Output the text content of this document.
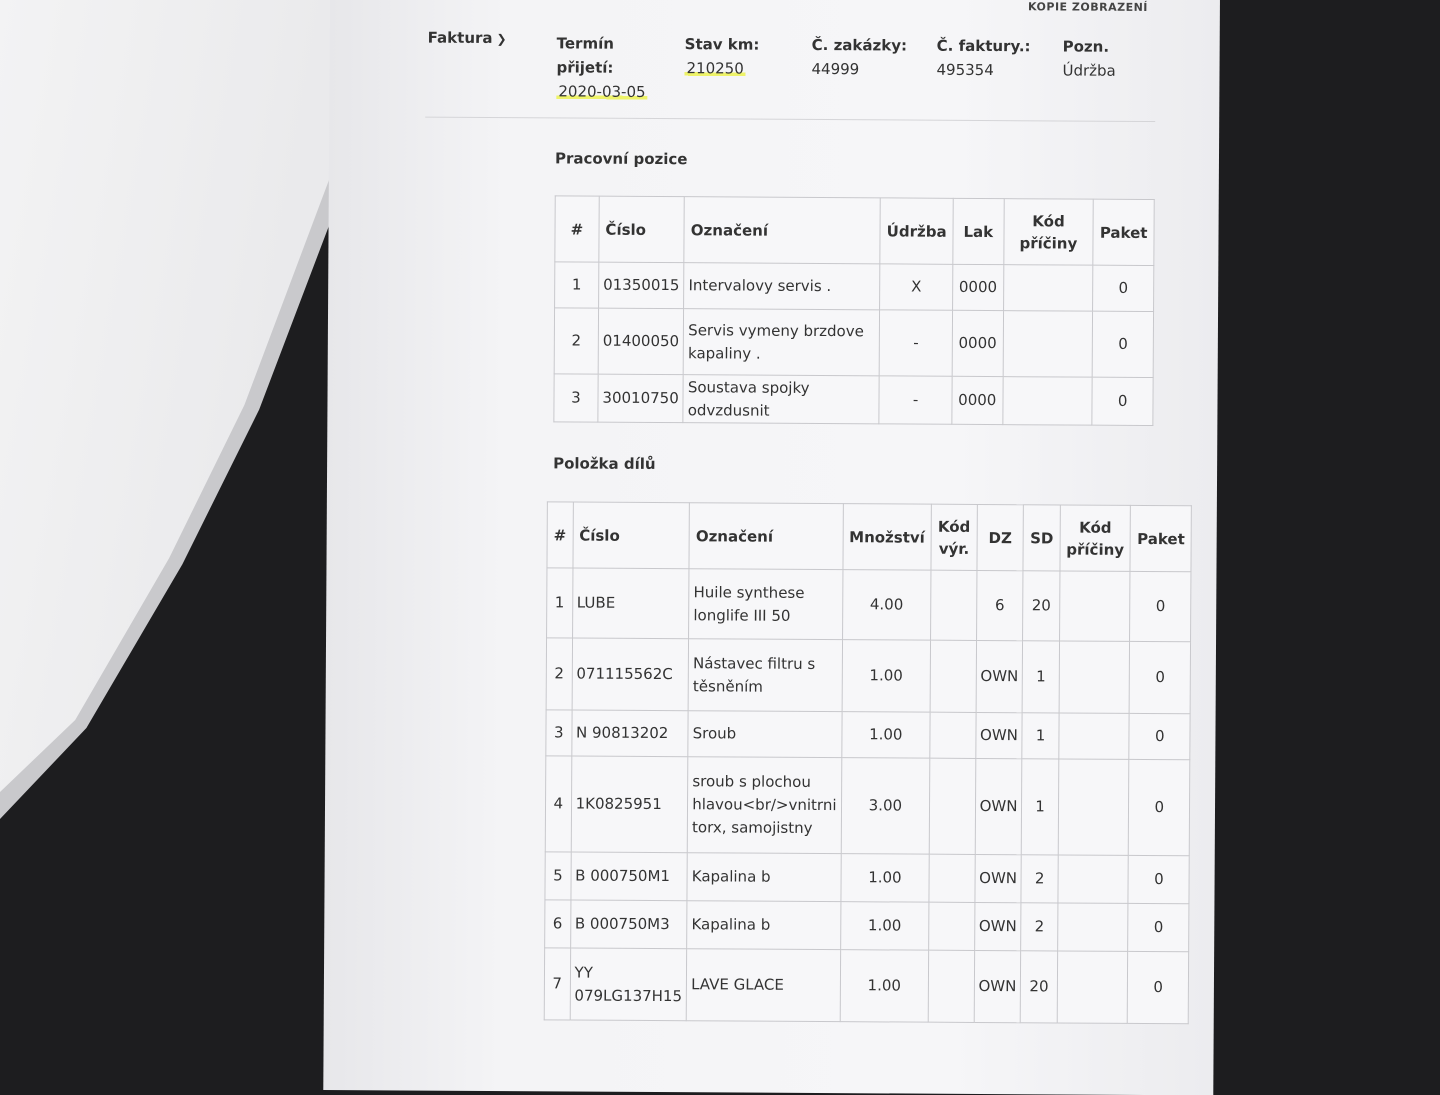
KOPIE ZOBRAZENÍ
Faktura ❯	Termín přijetí:
2020-03-05
Stav km:
210250
Č. zakázky:
44999
Č. faktury.:
495354
Pozn.
Údržba
Pracovní pozice
#	Číslo	Označení	Údržba	Lak	Kód příčiny	Paket
1	01350015	Intervalovy servis .	X	0000		0
2	01400050	Servis vymeny brzdove kapaliny .	-	0000		0
3	30010750	Soustava spojky odvzdusnit	-	0000		0
Položka dílů
#	Číslo	Označení	Množství	Kód výr.	DZ	SD	Kód příčiny	Paket
1	LUBE	Huile synthese longlife III 50	4.00		6	20		0
2	071115562C	Nástavec filtru s těsněním	1.00		OWN	1		0
3	N 90813202	Sroub	1.00		OWN	1		0
4	1K0825951	sroub s plochou hlavou<br/>vnitrni torx, samojistny	3.00		OWN	1		0
5	B 000750M1	Kapalina b	1.00		OWN	2		0
6	B 000750M3	Kapalina b	1.00		OWN	2		0
7	YY 079LG137H15	LAVE GLACE	1.00		OWN	20		0
